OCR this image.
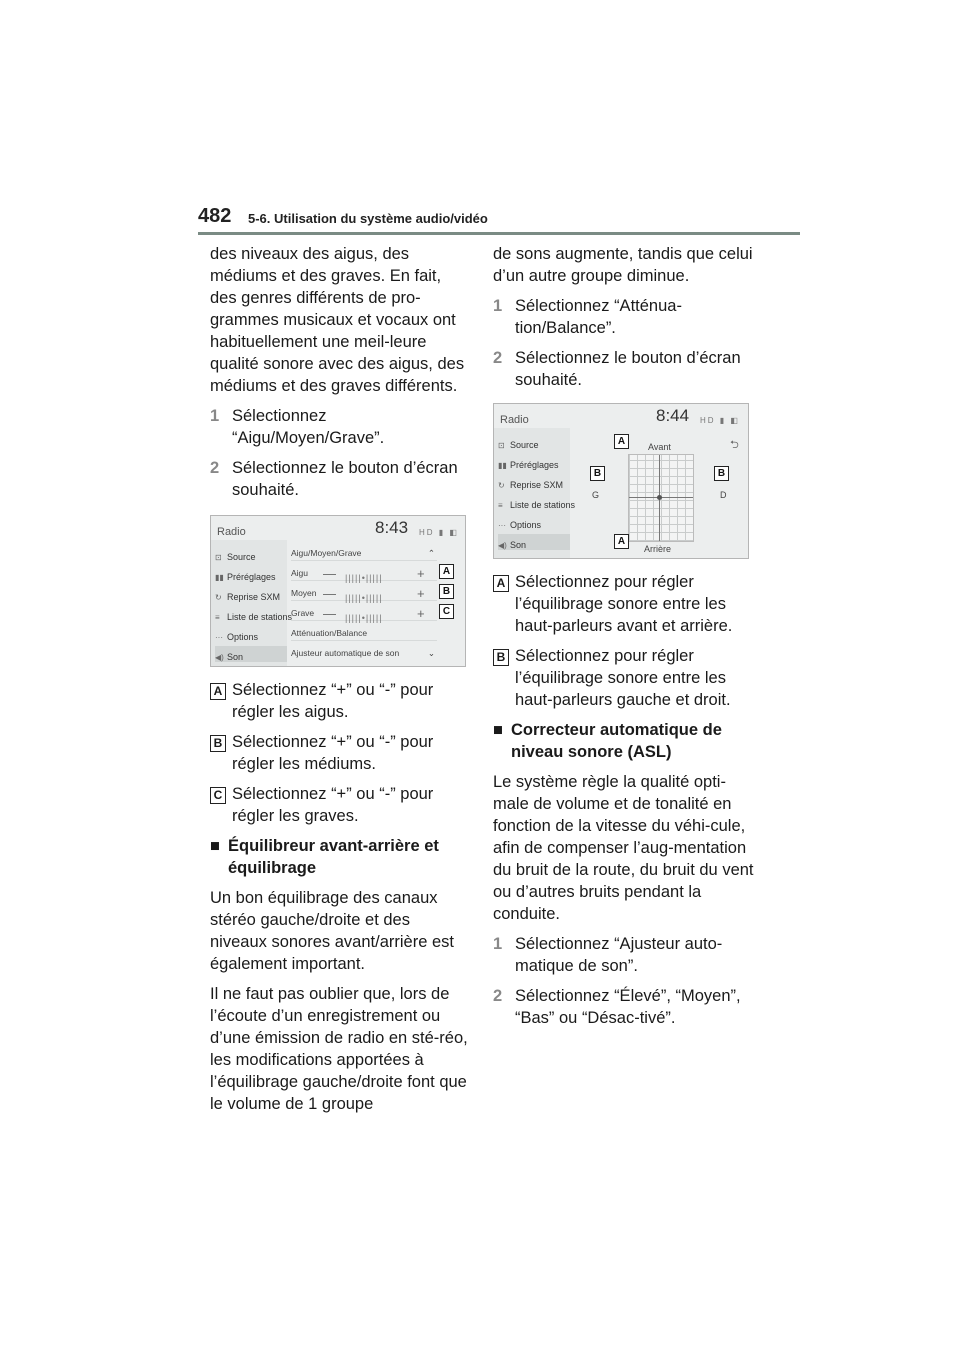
482 5-6. Utilisation du système audio/vidéo

des niveaux des aigus, des médiums et des graves. En fait, des genres différents de pro-grammes musicaux et vocaux ont habituellement une meil-leure qualité sonore avec des aigus, des médiums et des graves différents.

1 Sélectionnez “Aigu/Moyen/Grave”.
2 Sélectionnez le bouton d’écran souhaité.
Radio	8:43 HD ▮ ◧
⊡ Source
▮▮ Préréglages
↻ Reprise SXM
≡ Liste de stations
··· Options
◀) Son
Aigu/Moyen/Grave	⌃
Aigu — |||||•|||||	+
Moyen — |||||•|||||	+
Grave — |||||•|||||	+
Atténuation/Balance
Ajusteur automatique de son	⌄
A
B
C
A Sélectionnez “+” ou “-” pour régler les aigus.
B Sélectionnez “+” ou “-” pour régler les médiums.
C Sélectionnez “+” ou “-” pour régler les graves.
■ Équilibreur avant-arrière et équilibrage

Un bon équilibrage des canaux stéréo gauche/droite et des niveaux sonores avant/arrière est également important.

Il ne faut pas oublier que, lors de l’écoute d’un enregistrement ou d’une émission de radio en sté-réo, les modifications apportées à l’équilibrage gauche/droite font que le volume de 1 groupe

de sons augmente, tandis que celui d’un autre groupe diminue.

1 Sélectionnez “Atténua-tion/Balance”.
2 Sélectionnez le bouton d’écran souhaité.
Radio	8:44 HD ▮ ◧
⊡ Source
▮▮ Préréglages
↻ Reprise SXM
≡ Liste de stations
··· Options
◀) Son
Avant	⮌
G	D
Arrière
A
B	B
A
A Sélectionnez pour régler l’équilibrage sonore entre les haut-parleurs avant et arrière.
B Sélectionnez pour régler l’équilibrage sonore entre les haut-parleurs gauche et droit.
■ Correcteur automatique de niveau sonore (ASL)

Le système règle la qualité opti-male de volume et de tonalité en fonction de la vitesse du véhi-cule, afin de compenser l’aug-mentation du bruit de la route, du bruit du vent ou d’autres bruits pendant la conduite.

1 Sélectionnez “Ajusteur auto-matique de son”.
2 Sélectionnez “Élevé”, “Moyen”, “Bas” ou “Désac-tivé”.
